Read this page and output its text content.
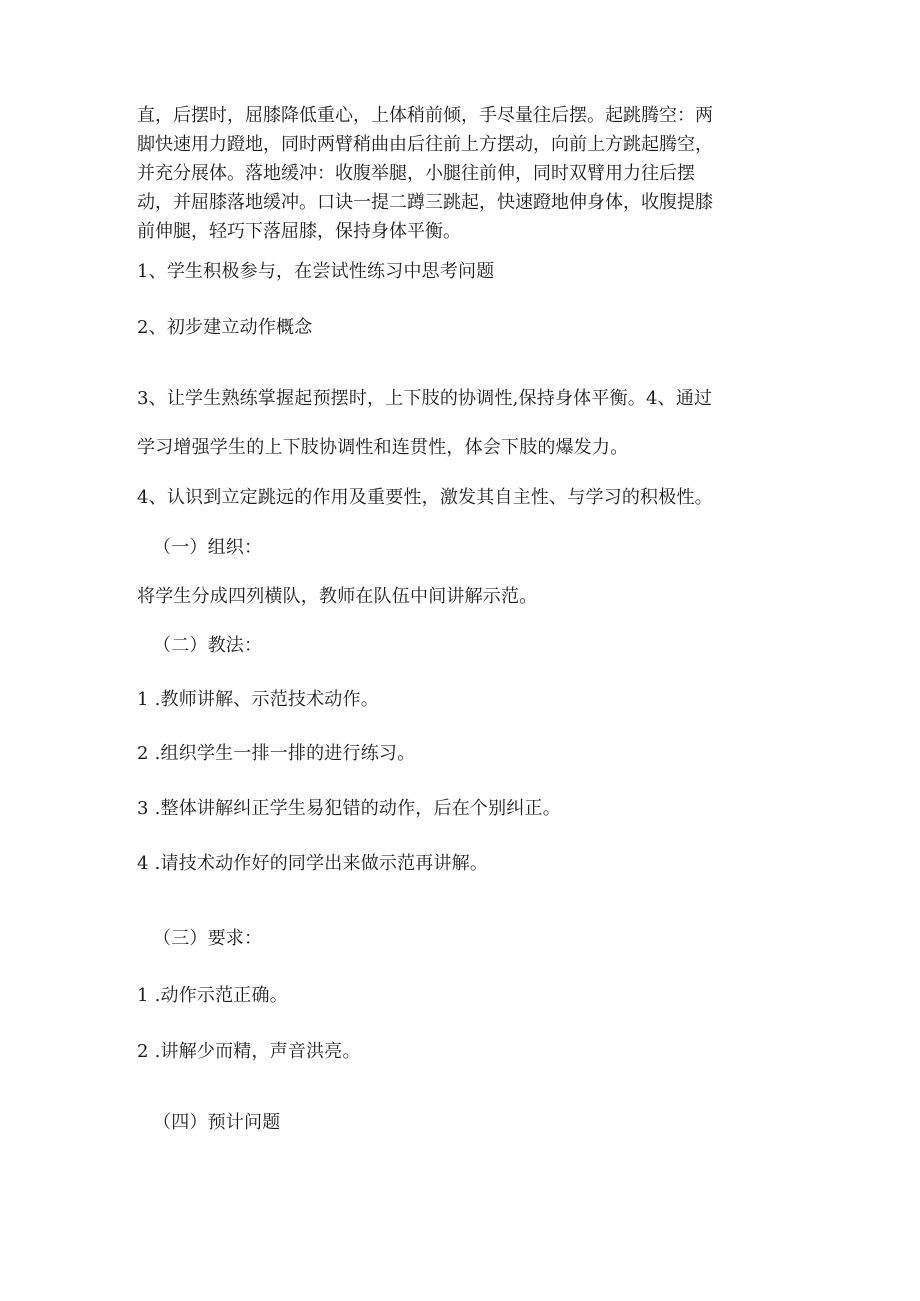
直，后摆时，屈膝降低重心，上体稍前倾，手尽量往后摆。起跳腾空：两
脚快速用力蹬地，同时两臂稍曲由后往前上方摆动，向前上方跳起腾空，
并充分展体。落地缓冲：收腹举腿，小腿往前伸，同时双臂用力往后摆
动，并屈膝落地缓冲。口诀一提二蹲三跳起，快速蹬地伸身体，收腹提膝
前伸腿，轻巧下落屈膝，保持身体平衡。
1、学生积极参与，在尝试性练习中思考问题
2、初步建立动作概念
3、让学生熟练掌握起预摆时，上下肢的协调性,保持身体平衡。4、通过
学习增强学生的上下肢协调性和连贯性，体会下肢的爆发力。
4、认识到立定跳远的作用及重要性，激发其自主性、与学习的积极性。
（一）组织：
将学生分成四列横队，教师在队伍中间讲解示范。
（二）教法：
1 .教师讲解、示范技术动作。
2 .组织学生一排一排的进行练习。
3 .整体讲解纠正学生易犯错的动作，后在个别纠正。
4 .请技术动作好的同学出来做示范再讲解。
（三）要求：
1 .动作示范正确。
2 .讲解少而精，声音洪亮。
（四）预计问题
